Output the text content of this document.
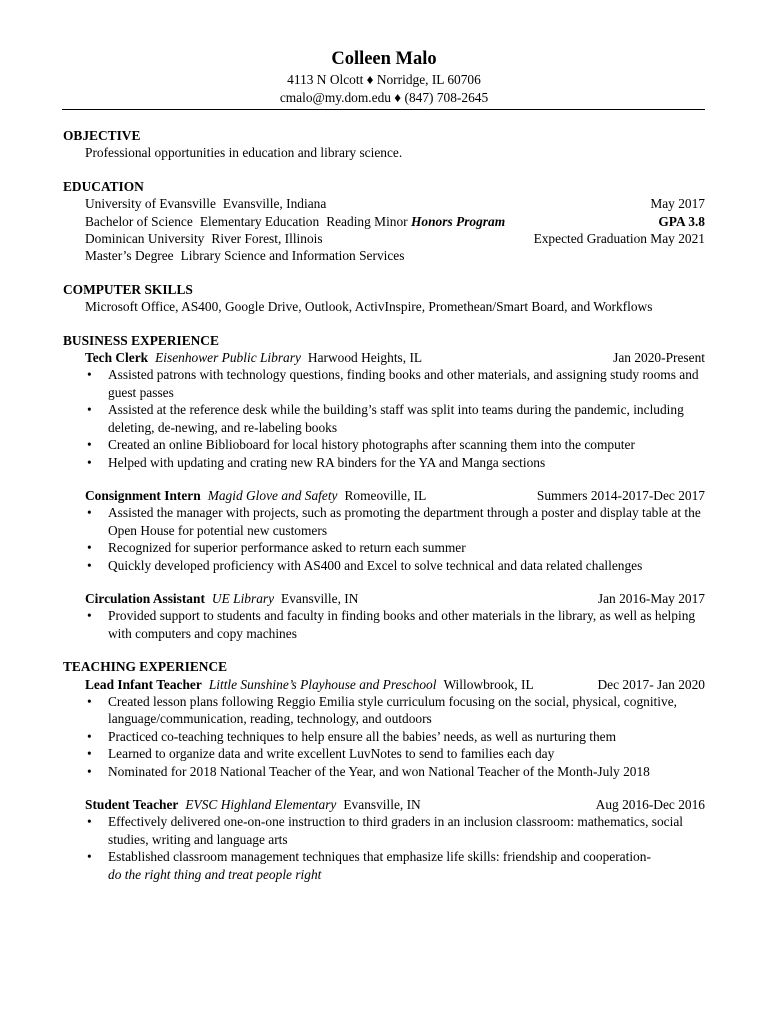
Colleen Malo
4113 N Olcott ♦ Norridge, IL 60706
cmalo@my.dom.edu ♦ (847) 708-2645
OBJECTIVE
Professional opportunities in education and library science.
EDUCATION
University of Evansville Evansville, Indiana	May 2017
Bachelor of Science Elementary Education Reading Minor Honors Program	GPA 3.8
Dominican University River Forest, Illinois	Expected Graduation May 2021
Master’s Degree Library Science and Information Services
COMPUTER SKILLS
Microsoft Office, AS400, Google Drive, Outlook, ActivInspire, Promethean/Smart Board, and Workflows
BUSINESS EXPERIENCE
Tech Clerk Eisenhower Public Library Harwood Heights, IL	Jan 2020-Present
• Assisted patrons with technology questions, finding books and other materials, and assigning study rooms and guest passes
• Assisted at the reference desk while the building’s staff was split into teams during the pandemic, including deleting, de-newing, and re-labeling books
• Created an online Biblioboard for local history photographs after scanning them into the computer
• Helped with updating and crating new RA binders for the YA and Manga sections
Consignment Intern Magid Glove and Safety Romeoville, IL	Summers 2014-2017-Dec 2017
• Assisted the manager with projects, such as promoting the department through a poster and display table at the Open House for potential new customers
• Recognized for superior performance asked to return each summer
• Quickly developed proficiency with AS400 and Excel to solve technical and data related challenges
Circulation Assistant UE Library Evansville, IN	Jan 2016-May 2017
• Provided support to students and faculty in finding books and other materials in the library, as well as helping with computers and copy machines
TEACHING EXPERIENCE
Lead Infant Teacher Little Sunshine’s Playhouse and Preschool Willowbrook, IL	Dec 2017- Jan 2020
• Created lesson plans following Reggio Emilia style curriculum focusing on the social, physical, cognitive, language/communication, reading, technology, and outdoors
• Practiced co-teaching techniques to help ensure all the babies’ needs, as well as nurturing them
• Learned to organize data and write excellent LuvNotes to send to families each day
• Nominated for 2018 National Teacher of the Year, and won National Teacher of the Month-July 2018
Student Teacher EVSC Highland Elementary Evansville, IN	Aug 2016-Dec 2016
• Effectively delivered one-on-one instruction to third graders in an inclusion classroom: mathematics, social studies, writing and language arts
• Established classroom management techniques that emphasize life skills: friendship and cooperation-
do the right thing and treat people right
